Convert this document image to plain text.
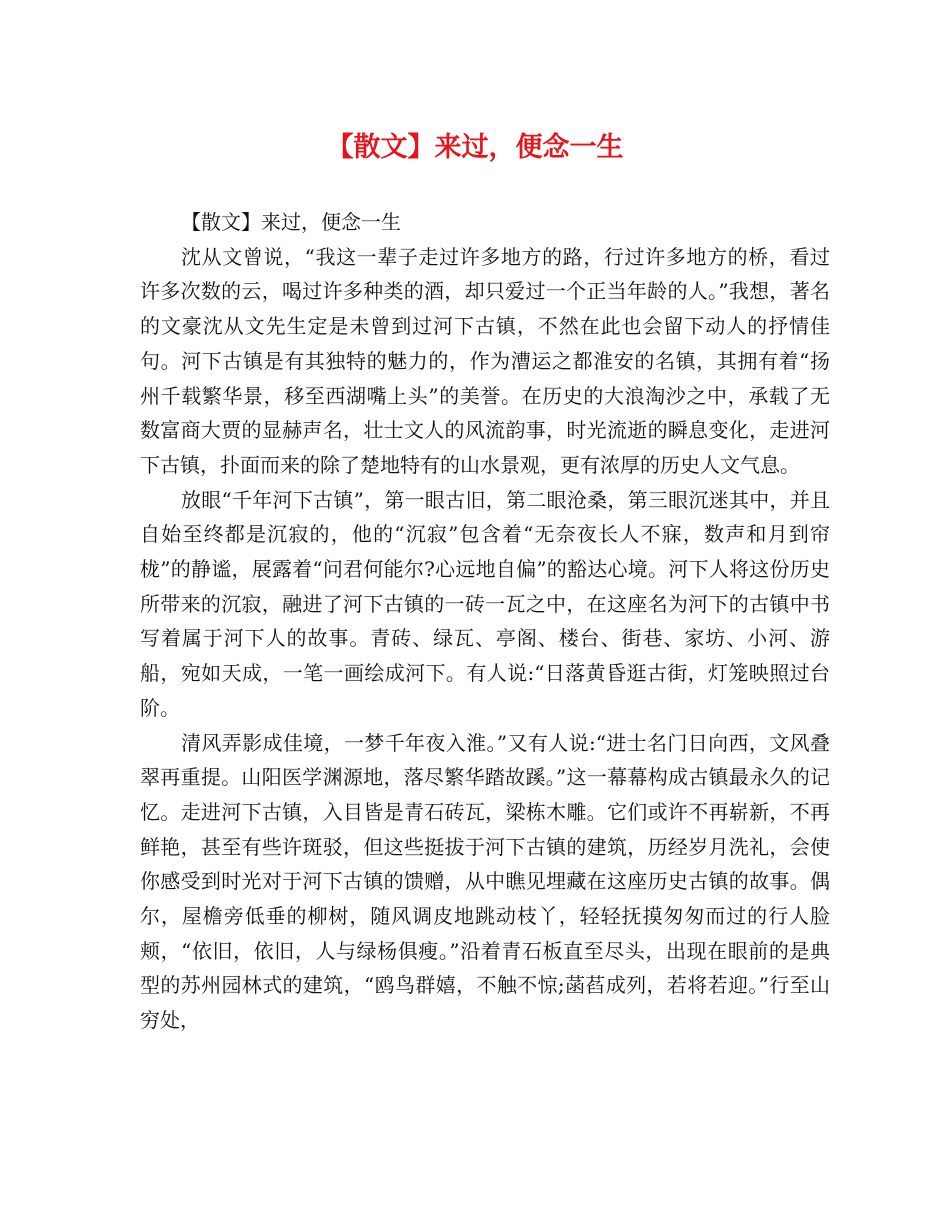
【散文】来过，便念一生

【散文】来过，便念一生

沈从文曾说，“我这一辈子走过许多地方的路，行过许多地方的桥，看过许多次数的云，喝过许多种类的酒，却只爱过一个正当年龄的人。”我想，著名的文豪沈从文先生定是未曾到过河下古镇，不然在此也会留下动人的抒情佳句。河下古镇是有其独特的魅力的，作为漕运之都淮安的名镇，其拥有着“扬州千载繁华景，移至西湖嘴上头”的美誉。在历史的大浪淘沙之中，承载了无数富商大贾的显赫声名，壮士文人的风流韵事，时光流逝的瞬息变化，走进河下古镇，扑面而来的除了楚地特有的山水景观，更有浓厚的历史人文气息。

放眼“千年河下古镇”，第一眼古旧，第二眼沧桑，第三眼沉迷其中，并且自始至终都是沉寂的，他的“沉寂”包含着“无奈夜长人不寐，数声和月到帘栊”的静谧，展露着“问君何能尔?心远地自偏”的豁达心境。河下人将这份历史所带来的沉寂，融进了河下古镇的一砖一瓦之中，在这座名为河下的古镇中书写着属于河下人的故事。青砖、绿瓦、亭阁、楼台、街巷、家坊、小河、游船，宛如天成，一笔一画绘成河下。有人说:“日落黄昏逛古街，灯笼映照过台阶。

清风弄影成佳境，一梦千年夜入淮。”又有人说:“进士名门日向西，文风叠翠再重提。山阳医学渊源地，落尽繁华踏故蹊。”这一幕幕构成古镇最永久的记忆。走进河下古镇，入目皆是青石砖瓦，梁栋木雕。它们或许不再崭新，不再鲜艳，甚至有些许斑驳，但这些挺拔于河下古镇的建筑，历经岁月洗礼，会使你感受到时光对于河下古镇的馈赠，从中瞧见埋藏在这座历史古镇的故事。偶尔，屋檐旁低垂的柳树，随风调皮地跳动枝丫，轻轻抚摸匆匆而过的行人脸颊，“依旧，依旧，人与绿杨俱瘦。”沿着青石板直至尽头，出现在眼前的是典型的苏州园林式的建筑，“鸥鸟群嬉，不触不惊;菡萏成列，若将若迎。”行至山穷处，
